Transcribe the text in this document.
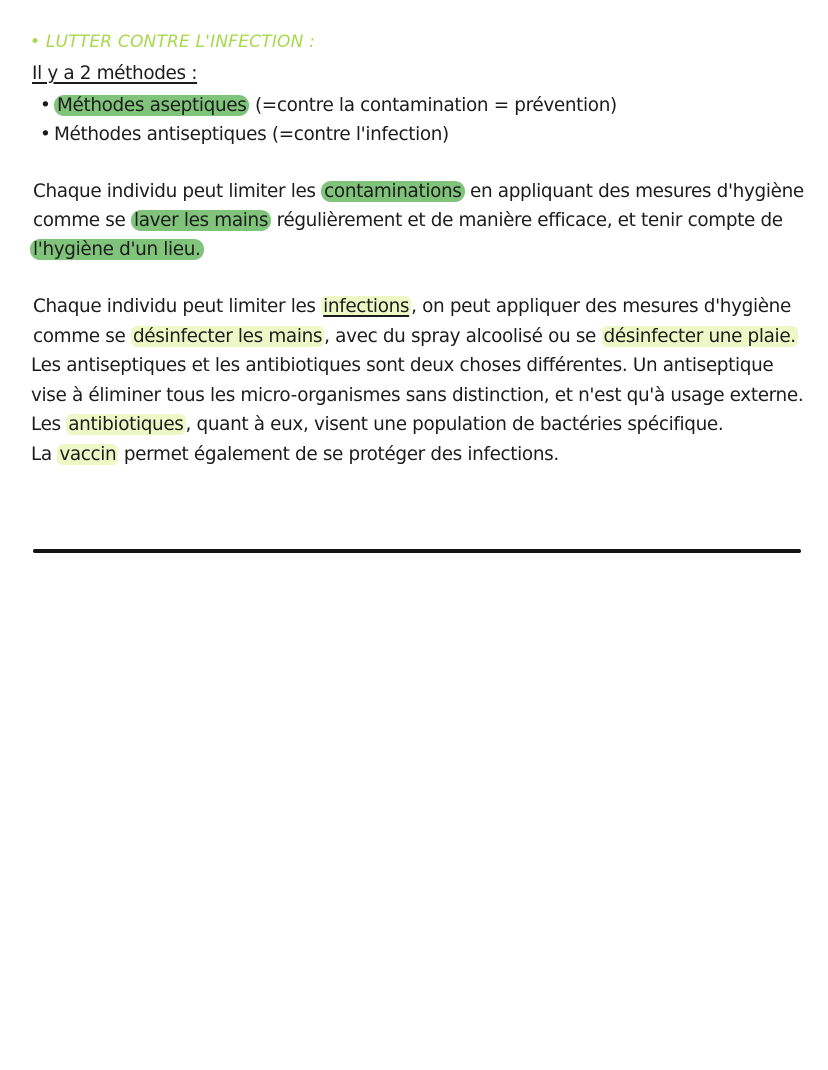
• LUTTER CONTRE L'INFECTION :
Il y a 2 méthodes :
• Méthodes aseptiques (=contre la contamination = prévention)
• Méthodes antiseptiques (=contre l'infection)
Chaque individu peut limiter les contaminations en appliquant des mesures d'hygiène
comme se laver les mains régulièrement et de manière efficace, et tenir compte de
l'hygiène d'un lieu.
Chaque individu peut limiter les infections , on peut appliquer des mesures d'hygiène
comme se désinfecter les mains , avec du spray alcoolisé ou se désinfecter une plaie.
Les antiseptiques et les antibiotiques sont deux choses différentes. Un antiseptique
vise à éliminer tous les micro-organismes sans distinction, et n'est qu'à usage externe.
Les antibiotiques , quant à eux, visent une population de bactéries spécifique.
La vaccin permet également de se protéger des infections.
